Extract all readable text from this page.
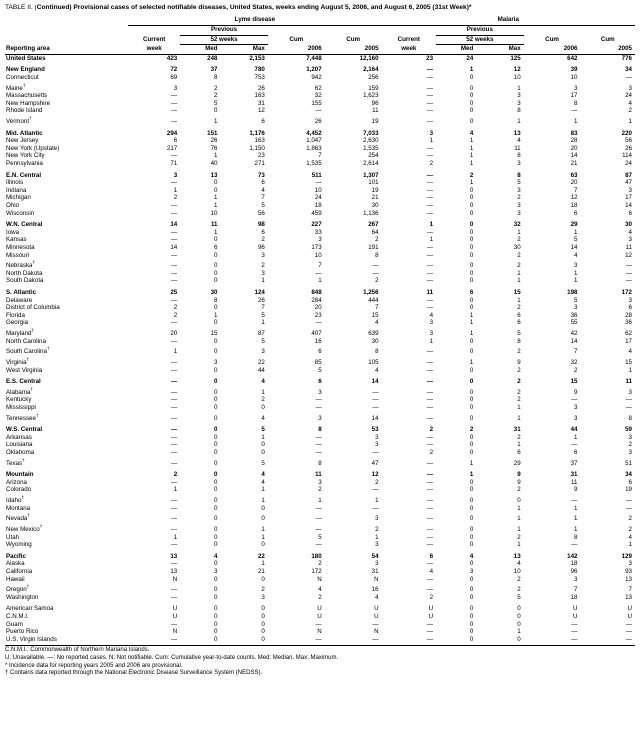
TABLE II. (Continued) Provisional cases of selected notifiable diseases, United States, weeks ending August 5, 2006, and August 6, 2005 (31st Week)*
	Lyme disease					Malaria				
		Previous					Previous			
	Current	52 weeks		Cum	Cum	Current	52 weeks		Cum	Cum
Reporting area	week	Med	Max	2006	2005	week	Med	Max	2006	2005
United States	423	248	2,153	7,448	12,160	23	24	125	642	776

New England	72	37	780	1,207	2,164	—	1	12	39	34
Connecticut	69	8	753	942	256	—	0	10	10	—
Maine†	3	2	26	62	159	—	0	1	3	3
Massachusetts	—	2	163	32	1,623	—	0	3	17	24
New Hampshire	—	5	31	155	96	—	0	3	8	4
Rhode Island	—	0	12	—	11	—	0	8	—	2
Vermont†	—	1	6	26	19	—	0	1	1	1

Mid. Atlantic	294	151	1,176	4,452	7,033	3	4	13	83	220
New Jersey	6	26	163	1,047	2,630	1	1	4	28	56
New York (Upstate)	217	76	1,150	1,863	1,535	—	1	11	20	26
New York City	—	1	23	7	254	—	1	8	14	114
Pennsylvania	71	40	271	1,535	2,614	2	1	3	21	24

E.N. Central	3	13	73	511	1,307	—	2	8	63	87
Illinois	—	0	6	—	101	—	1	5	20	47
Indiana	1	0	4	10	19	—	0	3	7	3
Michigan	2	1	7	24	21	—	0	2	12	17
Ohio	—	1	5	18	30	—	0	3	18	14
Wisconsin	—	10	56	459	1,136	—	0	3	6	6

W.N. Central	14	11	98	227	267	1	0	32	29	30
Iowa	—	1	6	33	64	—	0	1	1	4
Kansas	—	0	2	3	2	1	0	2	5	3
Minnesota	14	6	96	173	191	—	0	30	14	11
Missouri	—	0	3	10	8	—	0	2	4	12
Nebraska†	—	0	2	7	—	—	0	2	3	—
North Dakota	—	0	3	—	—	—	0	1	1	—
South Dakota	—	0	1	1	2	—	0	1	1	—

S. Atlantic	25	30	124	848	1,256	11	6	15	198	172
Delaware	—	8	26	284	444	—	0	1	5	3
District of Columbia	2	0	7	20	7	—	0	2	3	6
Florida	2	1	5	23	15	4	1	6	36	28
Georgia	—	0	1	—	4	3	1	6	55	36
Maryland†	20	15	87	407	639	3	1	5	42	62
North Carolina	—	0	5	16	30	1	0	8	14	17
South Carolina†	1	0	3	6	8	—	0	2	7	4
Virginia†	—	3	22	85	105	—	1	9	32	15
West Virginia	—	0	44	5	4	—	0	2	2	1

E.S. Central	—	0	4	6	14	—	0	2	15	11
Alabama†	—	0	1	3	—	—	0	2	9	3
Kentucky	—	0	2	—	—	—	0	2	—	—
Mississippi	—	0	0	—	—	—	0	1	3	—
Tennessee†	—	0	4	3	14	—	0	1	3	8

W.S. Central	—	0	5	8	53	2	2	31	44	59
Arkansas	—	0	1	—	3	—	0	2	1	3
Louisiana	—	0	0	—	3	—	0	1	—	2
Oklahoma	—	0	0	—	—	2	0	6	6	3
Texas†	—	0	5	8	47	—	1	29	37	51

Mountain	2	0	4	11	12	—	1	9	31	34
Arizona	—	0	4	3	2	—	0	9	11	6
Colorado	1	0	1	2	—	—	0	2	9	19
Idaho†	—	0	1	1	1	—	0	0	—	—
Montana	—	0	0	—	—	—	0	1	1	—
Nevada†	—	0	0	—	3	—	0	1	1	2
New Mexico†	—	0	1	—	2	—	0	1	1	2
Utah	1	0	1	5	1	—	0	2	8	4
Wyoming	—	0	0	—	3	—	0	1	—	1

Pacific	13	4	22	180	54	6	4	13	142	129
Alaska	—	0	1	2	3	—	0	4	18	3
California	13	3	21	172	31	4	3	10	96	93
Hawaii	N	0	0	N	N	—	0	2	3	13
Oregon†	—	0	2	4	16	—	0	2	7	7
Washington	—	0	3	2	4	2	0	5	18	13

American Samoa	U	0	0	U	U	U	0	0	U	U
C.N.M.I.	U	0	0	U	U	U	0	0	U	U
Guam	—	0	0	—	—	—	0	0	—	—
Puerto Rico	N	0	0	N	N	—	0	1	—	—
U.S. Virgin Islands	—	0	0	—	—	—	0	0	—	—
C.N.M.I.: Commonwealth of Northern Mariana Islands.
U: Unavailable. —: No reported cases. N: Not notifiable. Cum: Cumulative year-to-date counts. Med: Median. Max: Maximum.
* Incidence data for reporting years 2005 and 2006 are provisional.
† Contains data reported through the National Electronic Disease Surveillance System (NEDSS).
